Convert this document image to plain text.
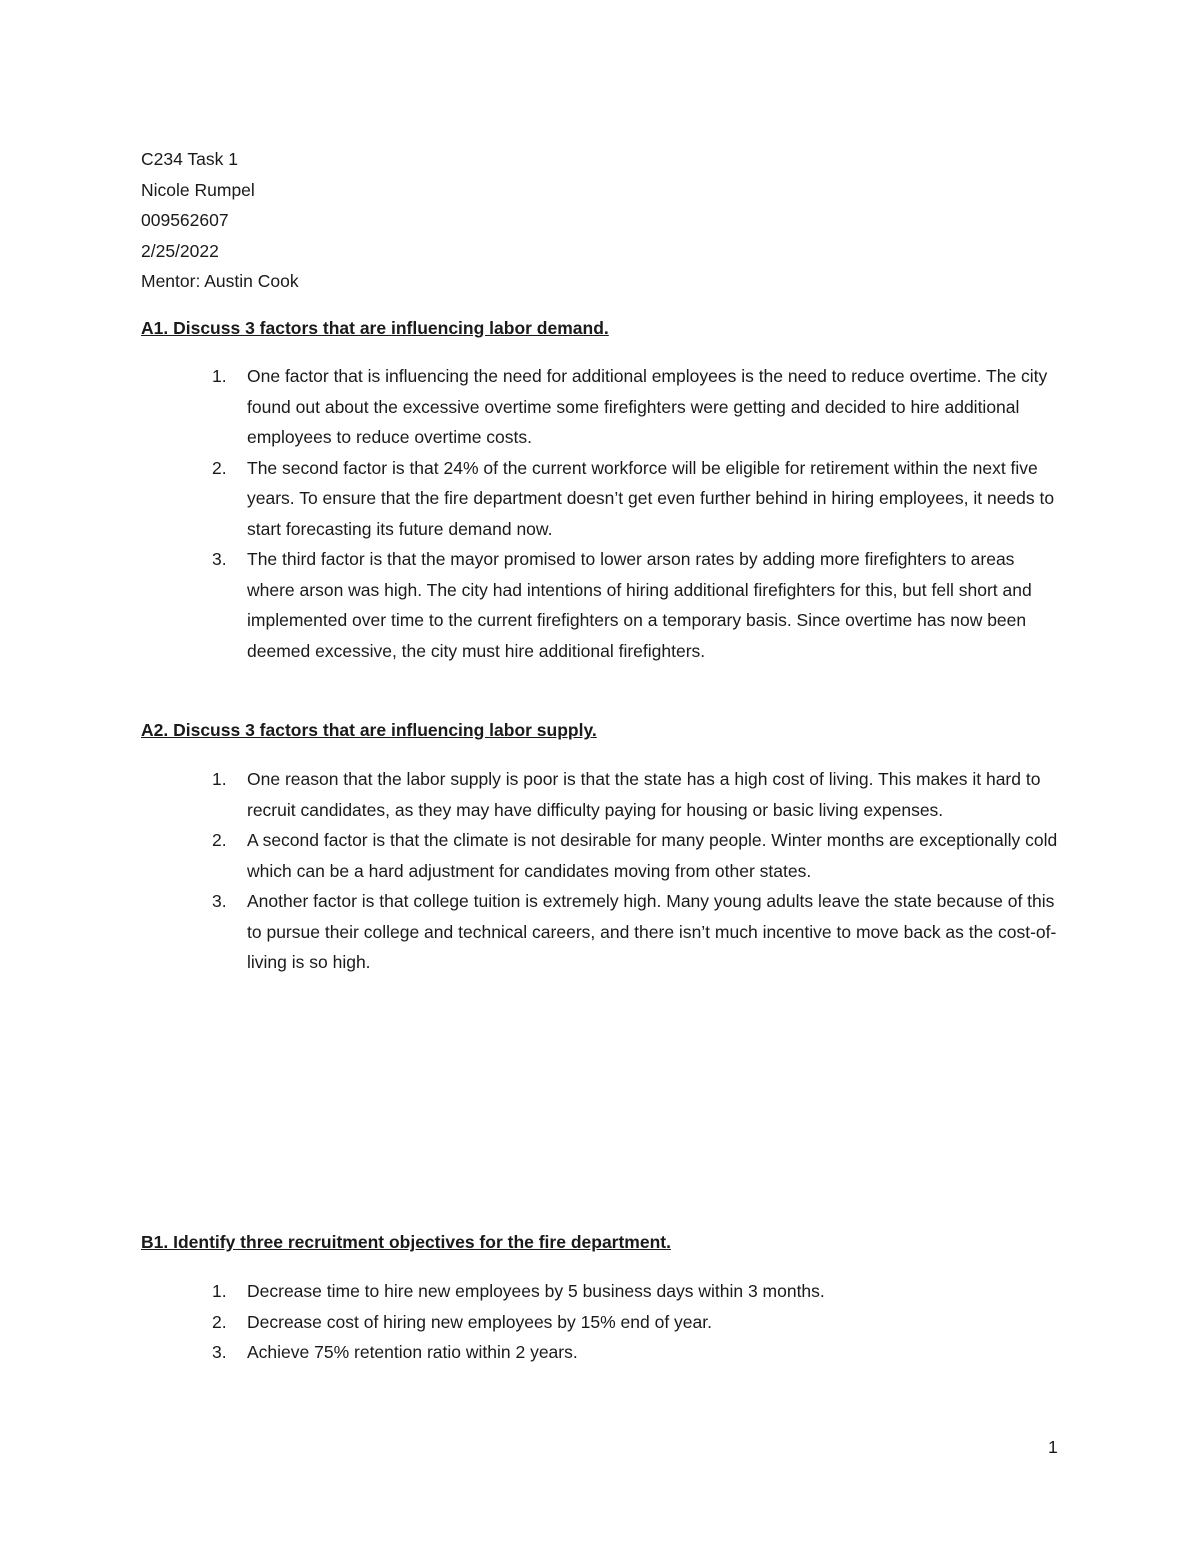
C234 Task 1
Nicole Rumpel
009562607
2/25/2022
Mentor: Austin Cook
A1. Discuss 3 factors that are influencing labor demand.
1. One factor that is influencing the need for additional employees is the need to reduce overtime. The city found out about the excessive overtime some firefighters were getting and decided to hire additional employees to reduce overtime costs.
2. The second factor is that 24% of the current workforce will be eligible for retirement within the next five years. To ensure that the fire department doesn’t get even further behind in hiring employees, it needs to start forecasting its future demand now.
3. The third factor is that the mayor promised to lower arson rates by adding more firefighters to areas where arson was high. The city had intentions of hiring additional firefighters for this, but fell short and implemented over time to the current firefighters on a temporary basis. Since overtime has now been deemed excessive, the city must hire additional firefighters.
A2. Discuss 3 factors that are influencing labor supply.
1. One reason that the labor supply is poor is that the state has a high cost of living. This makes it hard to recruit candidates, as they may have difficulty paying for housing or basic living expenses.
2. A second factor is that the climate is not desirable for many people. Winter months are exceptionally cold which can be a hard adjustment for candidates moving from other states.
3. Another factor is that college tuition is extremely high. Many young adults leave the state because of this to pursue their college and technical careers, and there isn’t much incentive to move back as the cost-of-living is so high.
B1. Identify three recruitment objectives for the fire department.
1. Decrease time to hire new employees by 5 business days within 3 months.
2. Decrease cost of hiring new employees by 15% end of year.
3. Achieve 75% retention ratio within 2 years.
1
